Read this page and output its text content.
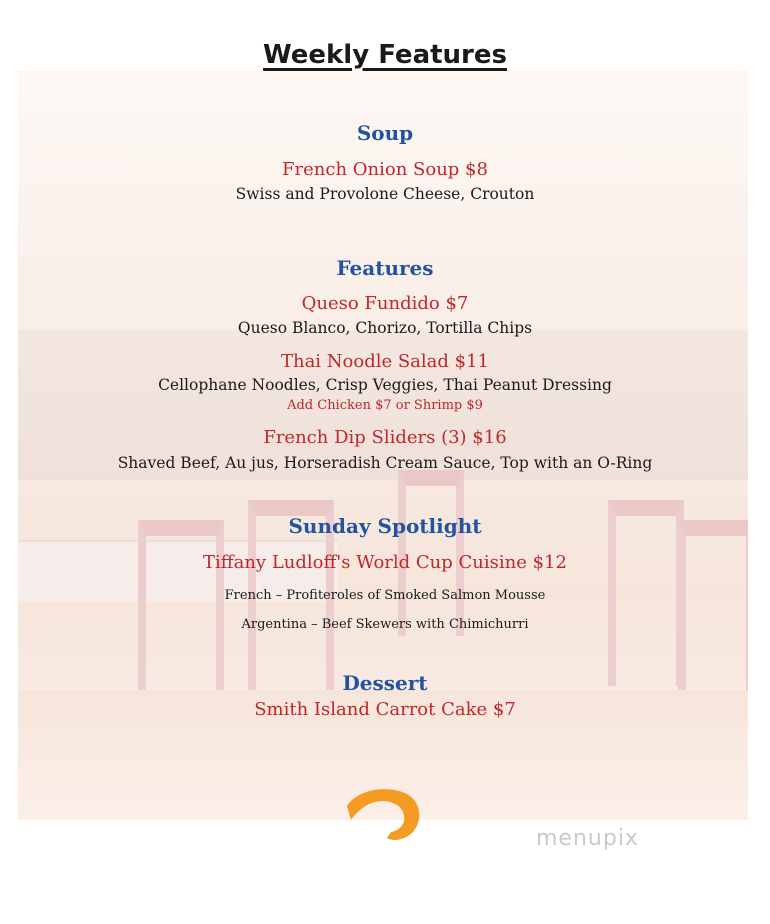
Weekly Features
Soup
French Onion Soup $8
Swiss and Provolone Cheese, Crouton
Features
Queso Fundido $7
Queso Blanco, Chorizo, Tortilla Chips
Thai Noodle Salad $11
Cellophane Noodles, Crisp Veggies, Thai Peanut Dressing
Add Chicken $7 or Shrimp $9
French Dip Sliders (3) $16
Shaved Beef, Au jus, Horseradish Cream Sauce, Top with an O-Ring
Sunday Spotlight
Tiffany Ludloff's World Cup Cuisine $12
French – Profiteroles of Smoked Salmon Mousse
Argentina – Beef Skewers with Chimichurri
Dessert
Smith Island Carrot Cake $7
menupix
